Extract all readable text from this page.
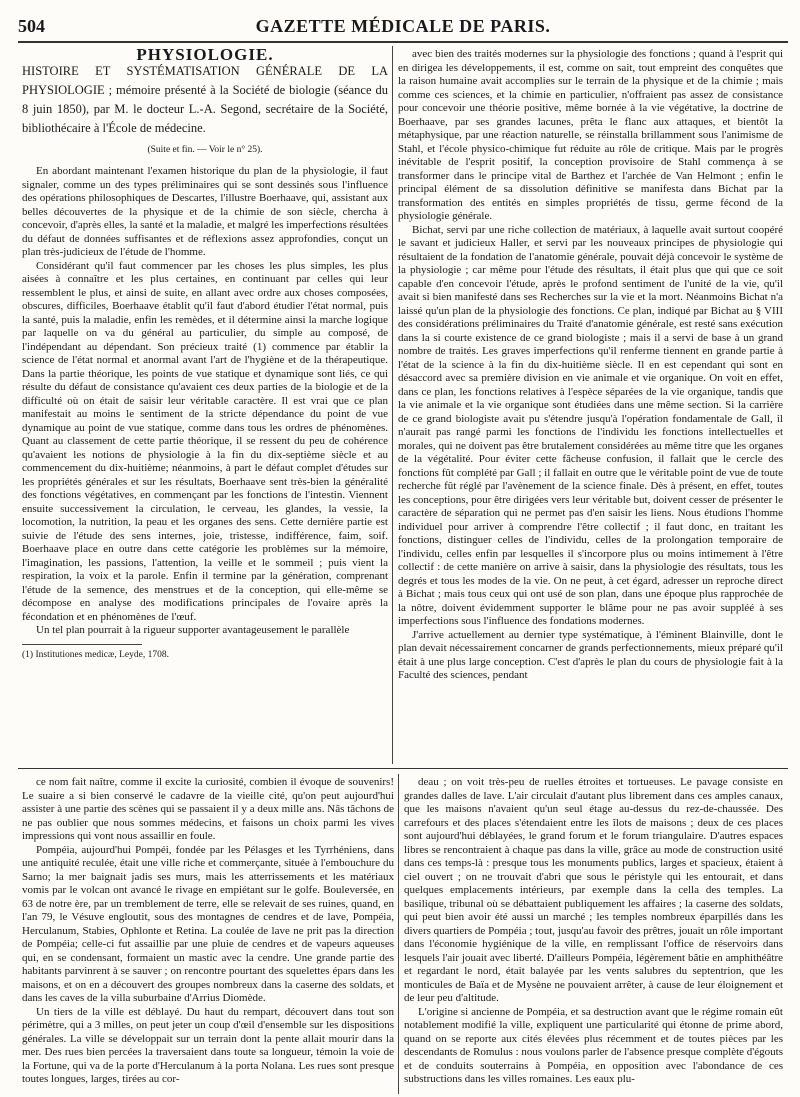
504	GAZETTE MÉDICALE DE PARIS.

PHYSIOLOGIE.

HISTOIRE ET SYSTÉMATISATION GÉNÉRALE DE LA PHYSIOLOGIE ; mémoire présenté à la Société de biologie (séance du 8 juin 1850), par M. le docteur L.-A. Segond, secrétaire de la Société, bibliothécaire à l'École de médecine.

(Suite et fin. — Voir le n° 25).

En abordant maintenant l'examen historique du plan de la physiologie, il faut signaler, comme un des types préliminaires qui se sont dessinés sous l'influence des opérations philosophiques de Descartes, l'illustre Boerhaave, qui, assistant aux belles découvertes de la physique et de la chimie de son siècle, chercha à concevoir, d'après elles, la santé et la maladie, et malgré les imperfections résultées du défaut de données suffisantes et de réflexions assez approfondies, conçut un plan très-judicieux de l'étude de l'homme.

Considérant qu'il faut commencer par les choses les plus simples, les plus aisées à connaître et les plus certaines, en continuant par celles qui leur ressemblent le plus, et ainsi de suite, en allant avec ordre aux choses composées, obscures, difficiles, Boerhaave établit qu'il faut d'abord étudier l'état normal, puis la santé, puis la maladie, enfin les remèdes, et il détermine ainsi la marche logique par laquelle on va du général au particulier, du simple au composé, de l'indépendant au dépendant. Son précieux traité (1) commence par établir la science de l'état normal et anormal avant l'art de l'hygiène et de la thérapeutique. Dans la partie théorique, les points de vue statique et dynamique sont liés, ce qui résulte du défaut de consistance qu'avaient ces deux parties de la biologie et de la difficulté où on était de saisir leur véritable caractère. Il est vrai que ce plan manifestait au moins le sentiment de la stricte dépendance du point de vue dynamique au point de vue statique, comme dans tous les ordres de phénomènes. Quant au classement de cette partie théorique, il se ressent du peu de cohérence qu'avaient les notions de physiologie à la fin du dix-septième siècle et au commencement du dix-huitième; néanmoins, à part le défaut complet d'études sur les propriétés générales et sur les résultats, Boerhaave sent très-bien la généralité des fonctions végétatives, en commençant par les fonctions de l'intestin. Viennent ensuite successivement la circulation, le cerveau, les glandes, la vessie, la locomotion, la nutrition, la peau et les organes des sens. Cette dernière partie est suivie de l'étude des sens internes, joie, tristesse, indifférence, faim, soif. Boerhaave place en outre dans cette catégorie les problèmes sur la mémoire, l'imagination, les passions, l'attention, la veille et le sommeil ; puis vient la respiration, la voix et la parole. Enfin il termine par la génération, comprenant l'étude de la semence, des menstrues et de la conception, qui elle-même se décompose en analyse des modifications principales de l'ovaire après la fécondation et en phénomènes de l'œuf.

Un tel plan pourrait à la rigueur supporter avantageusement le parallèle

(1) Institutiones medicæ, Leyde, 1708.

avec bien des traités modernes sur la physiologie des fonctions ; quand à l'esprit qui en dirigea les développements, il est, comme on sait, tout empreint des conquêtes que la raison humaine avait accomplies sur le terrain de la physique et de la chimie ; mais comme ces sciences, et la chimie en particulier, n'offraient pas assez de consistance pour concevoir une théorie positive, même bornée à la vie végétative, la doctrine de Boerhaave, par ses grandes lacunes, prêta le flanc aux attaques, et bientôt la métaphysique, par une réaction naturelle, se réinstalla brillamment sous l'animisme de Stahl, et l'école physico-chimique fut réduite au rôle de critique. Mais par le progrès inévitable de l'esprit positif, la conception provisoire de Stahl commença à se transformer dans le principe vital de Barthez et l'archée de Van Helmont ; enfin le principal élément de sa dissolution définitive se manifesta dans Bichat par la transformation des entités en simples propriétés de tissu, germe fécond de la physiologie générale.

Bichat, servi par une riche collection de matériaux, à laquelle avait surtout coopéré le savant et judicieux Haller, et servi par les nouveaux principes de physiologie qui résultaient de la fondation de l'anatomie générale, pouvait déjà concevoir le système de la physiologie ; car même pour l'étude des résultats, il était plus que qui que ce soit capable d'en concevoir l'étude, après le profond sentiment de l'unité de la vie, qu'il avait si bien manifesté dans ses Recherches sur la vie et la mort. Néanmoins Bichat n'a laissé qu'un plan de la physiologie des fonctions. Ce plan, indiqué par Bichat au § VIII des considérations préliminaires du Traité d'anatomie générale, est resté sans exécution dans la si courte existence de ce grand biologiste ; mais il a servi de base à un grand nombre de traités. Les graves imperfections qu'il renferme tiennent en grande partie à l'état de la science à la fin du dix-huitième siècle. Il en est cependant qui sont en désaccord avec sa première division en vie animale et vie organique. On voit en effet, dans ce plan, les fonctions relatives à l'espèce séparées de la vie organique, tandis que la vie animale et la vie organique sont étudiées dans une même section. Si la carrière de ce grand biologiste avait pu s'étendre jusqu'à l'opération fondamentale de Gall, il n'aurait pas rangé parmi les fonctions de l'individu les fonctions intellectuelles et morales, qui ne doivent pas être brutalement considérées au même titre que les organes de la végétalité. Pour éviter cette fâcheuse confusion, il fallait que le cercle des fonctions fût complété par Gall ; il fallait en outre que le véritable point de vue de toute recherche fût réglé par l'avènement de la science finale. Dès à présent, en effet, toutes les conceptions, pour être dirigées vers leur véritable but, doivent cesser de présenter le caractère de séparation qui ne permet pas d'en saisir les liens. Nous étudions l'homme individuel pour arriver à comprendre l'être collectif ; il faut donc, en traitant les fonctions, distinguer celles de l'individu, celles de la prolongation temporaire de l'individu, celles enfin par lesquelles il s'incorpore plus ou moins intimement à l'être collectif : de cette manière on arrive à saisir, dans la physiologie des résultats, tous les degrés et tous les modes de la vie. On ne peut, à cet égard, adresser un reproche direct à Bichat ; mais tous ceux qui ont usé de son plan, dans une époque plus rapprochée de la nôtre, doivent évidemment supporter le blâme pour ne pas avoir suppléé à ses imperfections sous l'influence des fondations modernes.

J'arrive actuellement au dernier type systématique, à l'éminent Blainville, dont le plan devait nécessairement concarner de grands perfectionnements, mieux préparé qu'il était à une plus large conception. C'est d'après le plan du cours de physiologie fait à la Faculté des sciences, pendant

ce nom fait naître, comme il excite la curiosité, combien il évoque de souvenirs! Le suaire a si bien conservé le cadavre de la vieille cité, qu'on peut aujourd'hui assister à une partie des scènes qui se passaient il y a deux mille ans. Nâs tâchons de ne pas oublier que nous sommes médecins, et faisons un choix parmi les vives impressions qui vont nous assaillir en foule.

Pompéia, aujourd'hui Pompéi, fondée par les Pélasges et les Tyrrhéniens, dans une antiquité reculée, était une ville riche et commerçante, située à l'embouchure du Sarno; la mer baignait jadis ses murs, mais les atterrissements et les matériaux vomis par le volcan ont avancé le rivage en empiétant sur le golfe. Bouleversée, en 63 de notre ère, par un tremblement de terre, elle se relevait de ses ruines, quand, en l'an 79, le Vésuve engloutit, sous des montagnes de cendres et de lave, Pompéia, Herculanum, Stabies, Ophlonte et Retina. La coulée de lave ne prit pas la direction de Pompéia; celle-ci fut assaillie par une pluie de cendres et de vapeurs aqueuses qui, en se condensant, formaient un mastic avec la cendre. Une grande partie des habitants parvinrent à se sauver ; on rencontre pourtant des squelettes épars dans les maisons, et on en a découvert des groupes nombreux dans la caserne des soldats, et dans les caves de la villa suburbaine d'Arrius Diomède.

Un tiers de la ville est déblayé. Du haut du rempart, découvert dans tout son périmètre, qui a 3 milles, on peut jeter un coup d'œil d'ensemble sur les dispositions générales. La ville se développait sur un terrain dont la pente allait mourir dans la mer. Des rues bien percées la traversaient dans toute sa longueur, témoin la voie de la Fortune, qui va de la porte d'Herculanum à la porta Nolana. Les rues sont presque toutes longues, larges, tirées au cor-

deau ; on voit très-peu de ruelles étroites et tortueuses. Le pavage consiste en grandes dalles de lave. L'air circulait d'autant plus librement dans ces amples canaux, que les maisons n'avaient qu'un seul étage au-dessus du rez-de-chaussée. Des carrefours et des places s'étendaient entre les îlots de maisons ; deux de ces places sont aujourd'hui déblayées, le grand forum et le forum triangulaire. D'autres espaces libres se rencontraient à chaque pas dans la ville, grâce au mode de construction usité dans ces temps-là : presque tous les monuments publics, larges et spacieux, étaient à ciel ouvert ; on ne trouvait d'abri que sous le péristyle qui les entourait, et dans quelques emplacements intérieurs, par exemple dans la cella des temples. La basilique, tribunal où se débattaient publiquement les affaires ; la caserne des soldats, qui peut bien avoir été aussi un marché ; les temples nombreux éparpillés dans les divers quartiers de Pompéia ; tout, jusqu'au favoir des prêtres, jouait un rôle important dans l'économie hygiénique de la ville, en remplissant l'office de réservoirs dans lesquels l'air jouait avec liberté. D'ailleurs Pompéia, légèrement bâtie en amphithéâtre et regardant le nord, était balayée par les vents salubres du septentrion, que les monticules de Baïa et de Mysène ne pouvaient arrêter, à cause de leur éloignement et de leur peu d'altitude.

L'origine si ancienne de Pompéia, et sa destruction avant que le régime romain eût notablement modifié la ville, expliquent une particularité qui étonne de prime abord, quand on se reporte aux cités élevées plus récemment et de toutes pièces par les descendants de Romulus : nous voulons parler de l'absence presque complète d'égouts et de conduits souterrains à Pompéia, en opposition avec l'abondance de ces substructions dans les villes romaines. Les eaux plu-
